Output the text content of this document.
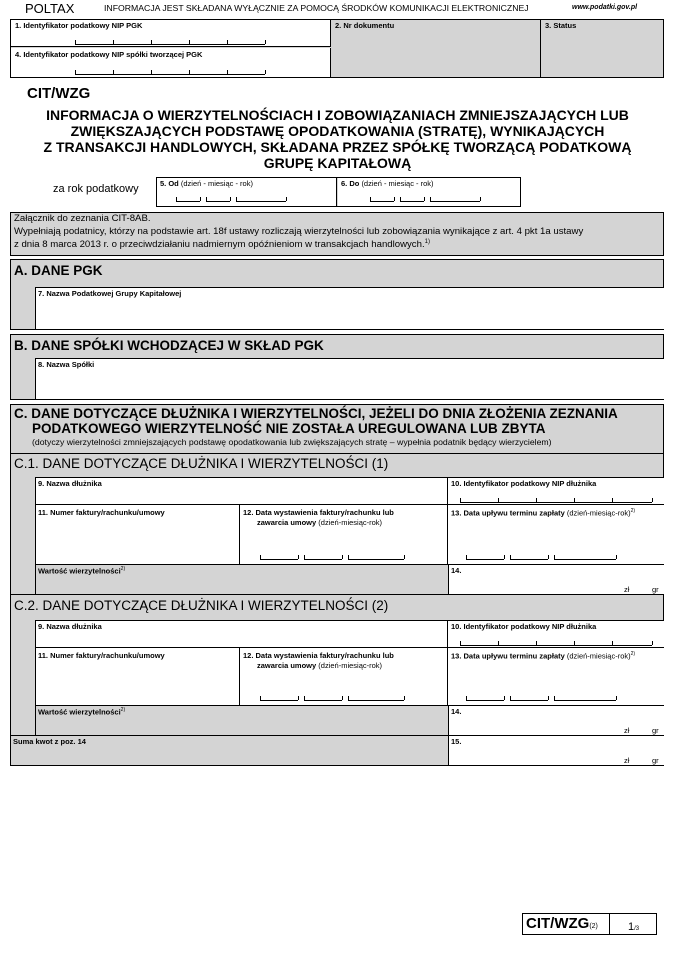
POLTAX	INFORMACJA JEST SKŁADANA WYŁĄCZNIE ZA POMOCĄ ŚRODKÓW KOMUNIKACJI ELEKTRONICZNEJ	www.podatki.gov.pl
1. Identyfikator podatkowy NIP PGK
4. Identyfikator podatkowy NIP spółki tworzącej PGK
2. Nr dokumentu	3. Status
CIT/WZG
INFORMACJA O WIERZYTELNOŚCIACH I ZOBOWIĄZANIACH ZMNIEJSZAJĄCYCH LUB
ZWIĘKSZAJĄCYCH PODSTAWĘ OPODATKOWANIA (STRATĘ), WYNIKAJĄCYCH
Z TRANSAKCJI HANDLOWYCH, SKŁADANA PRZEZ SPÓŁKĘ TWORZĄCĄ PODATKOWĄ
GRUPĘ KAPITAŁOWĄ
za rok podatkowy	5. Od (dzień - miesiąc - rok)	6. Do (dzień - miesiąc - rok)
Załącznik do zeznania CIT-8AB.
Wypełniają podatnicy, którzy na podstawie art. 18f ustawy rozliczają wierzytelności lub zobowiązania wynikające z art. 4 pkt 1a ustawy
z dnia 8 marca 2013 r. o przeciwdziałaniu nadmiernym opóźnieniom w transakcjach handlowych.$^{1)}$
A. DANE PGK
7. Nazwa Podatkowej Grupy Kapitałowej
B. DANE SPÓŁKI WCHODZĄCEJ W SKŁAD PGK
8. Nazwa Spółki
C. DANE DOTYCZĄCE DŁUŻNIKA I WIERZYTELNOŚCI, JEŻELI DO DNIA ZŁOŻENIA ZEZNANIA
PODATKOWEGO WIERZYTELNOŚĆ NIE ZOSTAŁA UREGULOWANA LUB ZBYTA
(dotyczy wierzytelności zmniejszających podstawę opodatkowania lub zwiększających stratę – wypełnia podatnik będący wierzycielem)
C.1. DANE DOTYCZĄCE DŁUŻNIKA I WIERZYTELNOŚCI (1)
9. Nazwa dłużnika	10. Identyfikator podatkowy NIP dłużnika
11. Numer faktury/rachunku/umowy	12. Data wystawienia faktury/rachunku lub
zawarcia umowy (dzień-miesiąc-rok)
13. Data upływu terminu zapłaty (dzień-miesiąc-rok)$^{2)}$
Wartość wierzytelności$^{2)}$	14.
zł	gr
C.2. DANE DOTYCZĄCE DŁUŻNIKA I WIERZYTELNOŚCI (2)
9. Nazwa dłużnika	10. Identyfikator podatkowy NIP dłużnika
11. Numer faktury/rachunku/umowy	12. Data wystawienia faktury/rachunku lub
zawarcia umowy (dzień-miesiąc-rok)
13. Data upływu terminu zapłaty (dzień-miesiąc-rok)$^{2)}$
Wartość wierzytelności$^{2)}$	14.
zł	gr
Suma kwot z poz. 14	15.
zł	gr
CIT/WZG(2)	1/3
